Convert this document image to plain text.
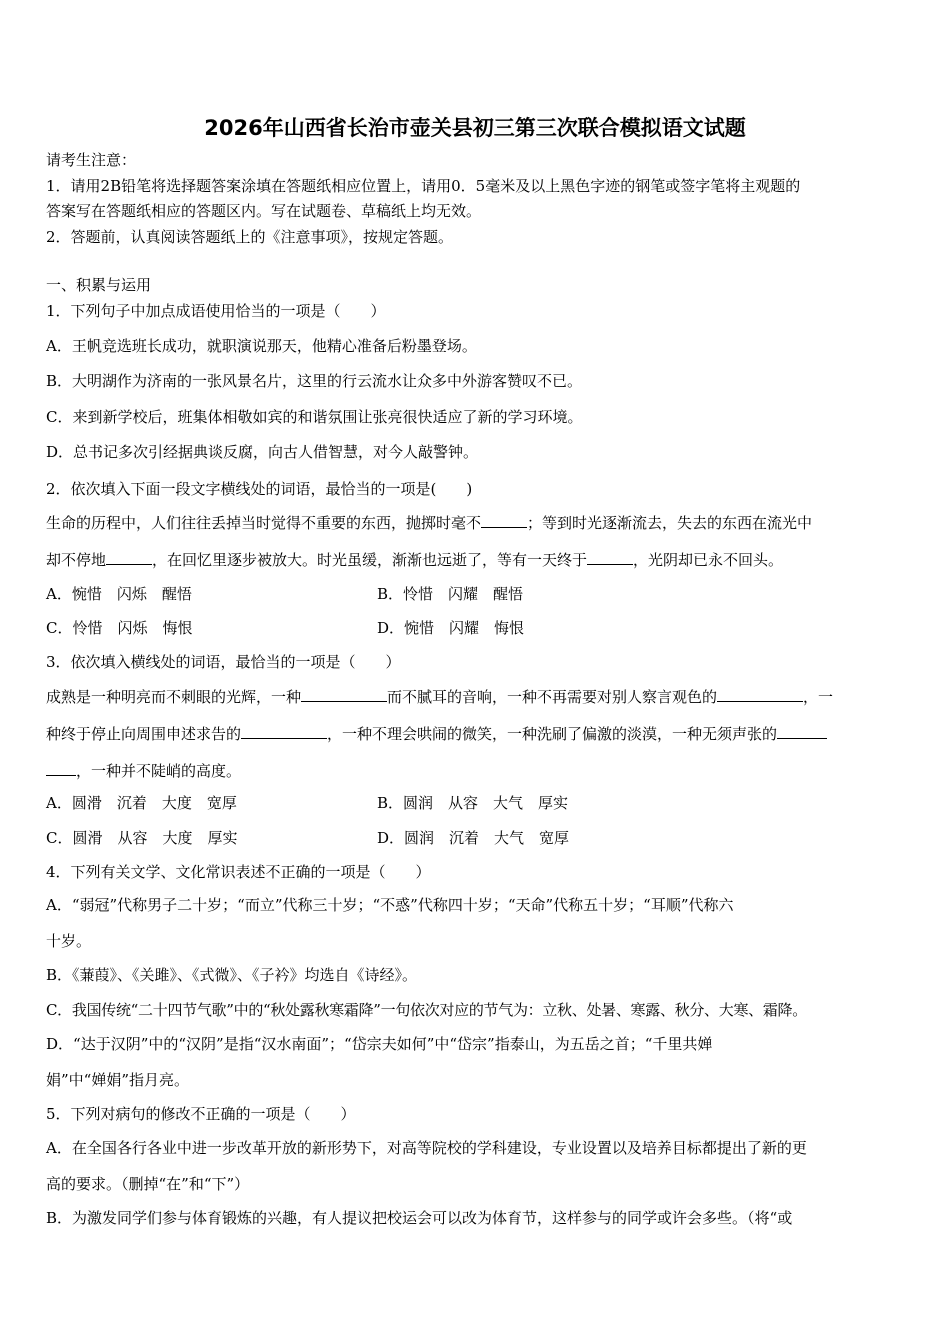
2026年山西省长治市壶关县初三第三次联合模拟语文试题
请考生注意：
1．请用2B铅笔将选择题答案涂填在答题纸相应位置上，请用0．5毫米及以上黑色字迹的钢笔或签字笔将主观题的
答案写在答题纸相应的答题区内。写在试题卷、草稿纸上均无效。
2．答题前，认真阅读答题纸上的《注意事项》，按规定答题。
一、积累与运用
1．下列句子中加点成语使用恰当的一项是（　　）
A．王帆竞选班长成功，就职演说那天，他精心准备后粉墨登场。
B．大明湖作为济南的一张风景名片，这里的行云流水让众多中外游客赞叹不已。
C．来到新学校后，班集体相敬如宾的和谐氛围让张亮很快适应了新的学习环境。
D．总书记多次引经据典谈反腐，向古人借智慧，对今人敲警钟。
2．依次填入下面一段文字横线处的词语，最恰当的一项是(　　)
生命的历程中，人们往往丢掉当时觉得不重要的东西，抛掷时毫不	；等到时光逐渐流去，失去的东西在流光中
却不停地	，在回忆里逐步被放大。时光虽缓，渐渐也远逝了，等有一天终于	，光阴却已永不回头。
A．惋惜　闪烁　醒悟	B．怜惜　闪耀　醒悟
C．怜惜　闪烁　悔恨	D．惋惜　闪耀　悔恨
3．依次填入横线处的词语，最恰当的一项是（　　）
成熟是一种明亮而不刺眼的光辉，一种	而不腻耳的音响，一种不再需要对别人察言观色的	，一
种终于停止向周围申述求告的	，一种不理会哄闹的微笑，一种洗刷了偏激的淡漠，一种无须声张的
，一种并不陡峭的高度。
A．圆滑　沉着　大度　宽厚	B．圆润　从容　大气　厚实
C．圆滑　从容　大度　厚实	D．圆润　沉着　大气　宽厚
4．下列有关文学、文化常识表述不正确的一项是（　　）
A．“弱冠”代称男子二十岁；“而立”代称三十岁；“不惑”代称四十岁；“天命”代称五十岁；“耳顺”代称六
十岁。
B．《蒹葭》、《关雎》、《式微》、《子衿》均选自《诗经》。
C．我国传统“二十四节气歌”中的“秋处露秋寒霜降”一句依次对应的节气为：立秋、处暑、寒露、秋分、大寒、霜降。
D．“达于汉阴”中的“汉阴”是指“汉水南面”；“岱宗夫如何”中“岱宗”指泰山，为五岳之首；“千里共婵
娟”中“婵娟”指月亮。
5．下列对病句的修改不正确的一项是（　　）
A．在全国各行各业中进一步改革开放的新形势下，对高等院校的学科建设，专业设置以及培养目标都提出了新的更
高的要求。（删掉“在”和“下”）
B．为激发同学们参与体育锻炼的兴趣，有人提议把校运会可以改为体育节，这样参与的同学或许会多些。（将“或
